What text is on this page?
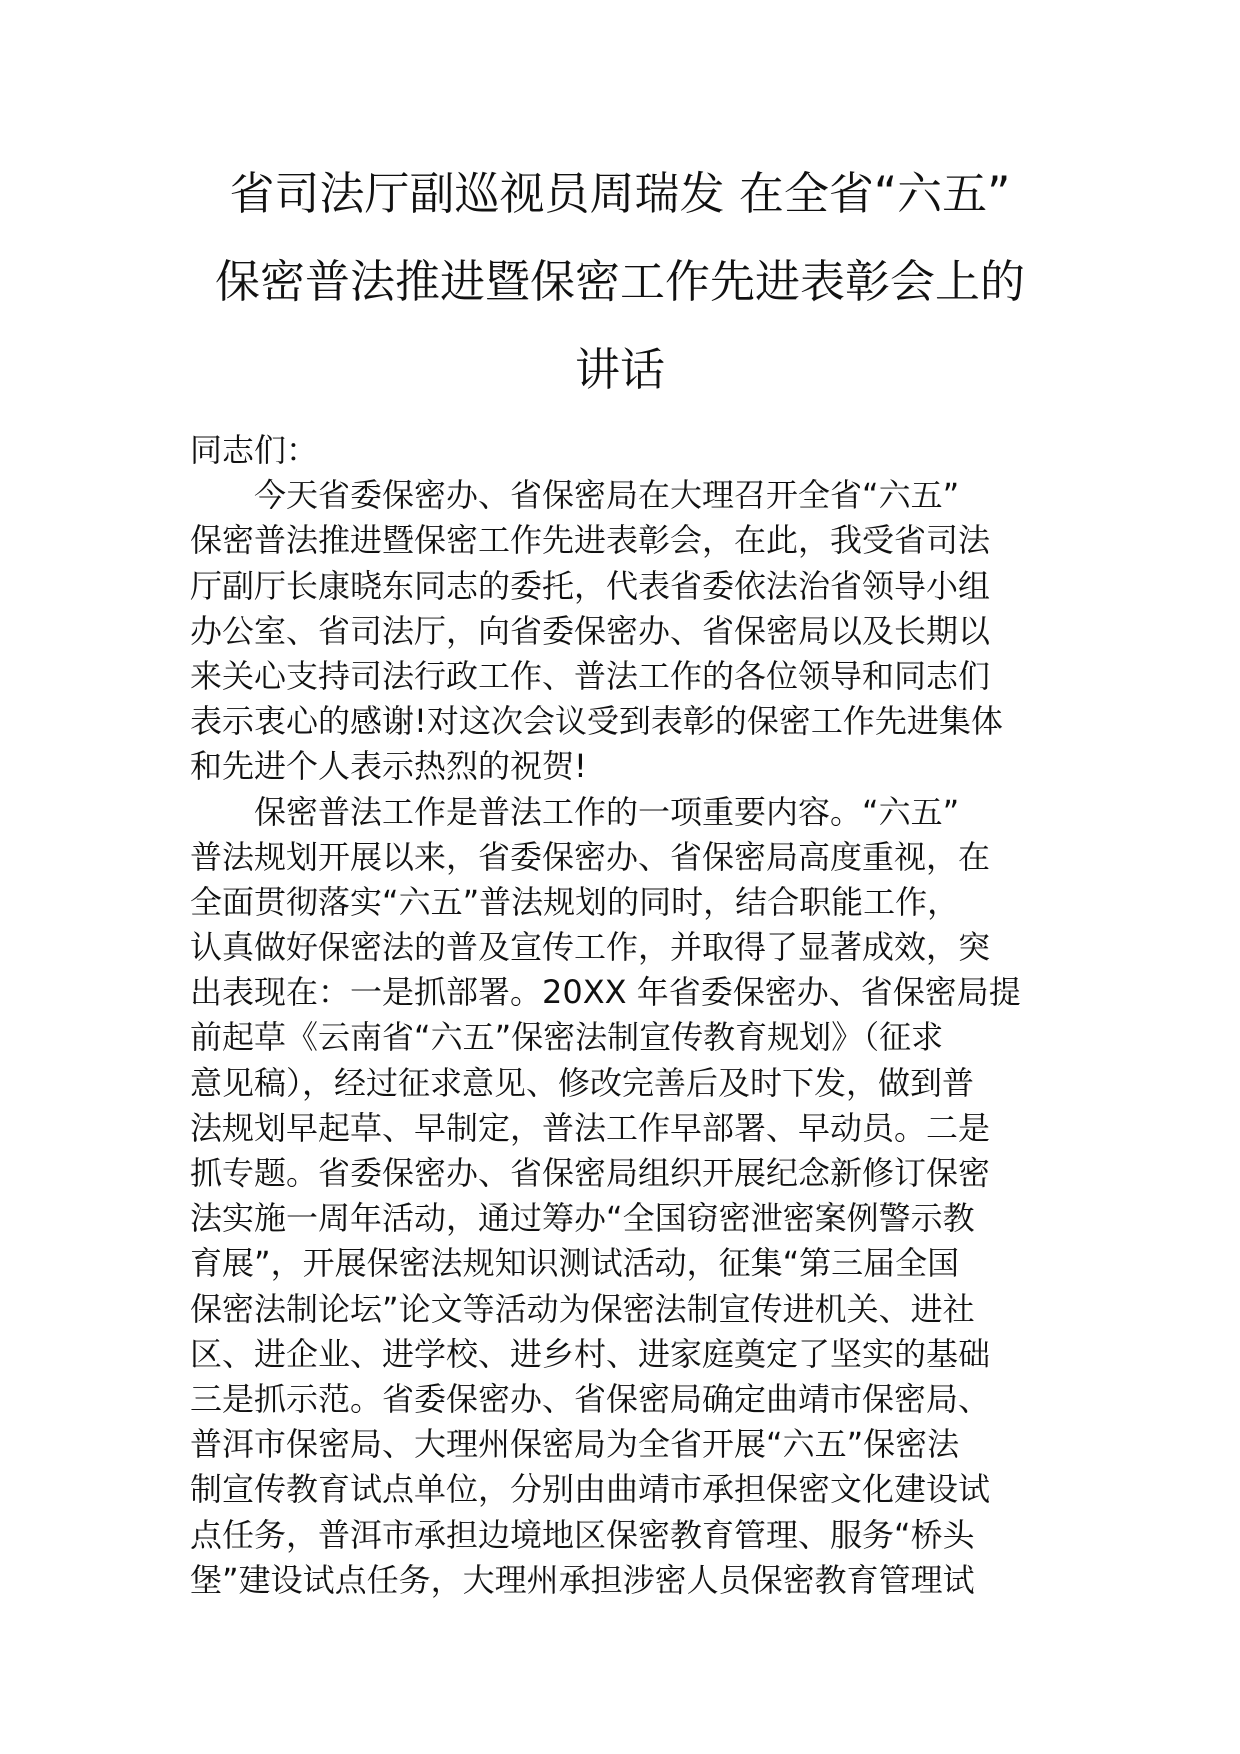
省司法厅副巡视员周瑞发 在全省“六五”
保密普法推进暨保密工作先进表彰会上的
讲话
同志们：
今天省委保密办、省保密局在大理召开全省“六五”
保密普法推进暨保密工作先进表彰会，在此，我受省司法
厅副厅长康晓东同志的委托，代表省委依法治省领导小组
办公室、省司法厅，向省委保密办、省保密局以及长期以
来关心支持司法行政工作、普法工作的各位领导和同志们
表示衷心的感谢!对这次会议受到表彰的保密工作先进集体
和先进个人表示热烈的祝贺!
保密普法工作是普法工作的一项重要内容。“六五”
普法规划开展以来，省委保密办、省保密局高度重视，在
全面贯彻落实“六五”普法规划的同时，结合职能工作，
认真做好保密法的普及宣传工作，并取得了显著成效，突
出表现在：一是抓部署。20XX 年省委保密办、省保密局提
前起草《云南省“六五”保密法制宣传教育规划》（征求
意见稿），经过征求意见、修改完善后及时下发，做到普
法规划早起草、早制定，普法工作早部署、早动员。二是
抓专题。省委保密办、省保密局组织开展纪念新修订保密
法实施一周年活动，通过筹办“全国窃密泄密案例警示教
育展”，开展保密法规知识测试活动，征集“第三届全国
保密法制论坛”论文等活动为保密法制宣传进机关、进社
区、进企业、进学校、进乡村、进家庭奠定了坚实的基础
三是抓示范。省委保密办、省保密局确定曲靖市保密局、
普洱市保密局、大理州保密局为全省开展“六五”保密法
制宣传教育试点单位，分别由曲靖市承担保密文化建设试
点任务，普洱市承担边境地区保密教育管理、服务“桥头
堡”建设试点任务，大理州承担涉密人员保密教育管理试
